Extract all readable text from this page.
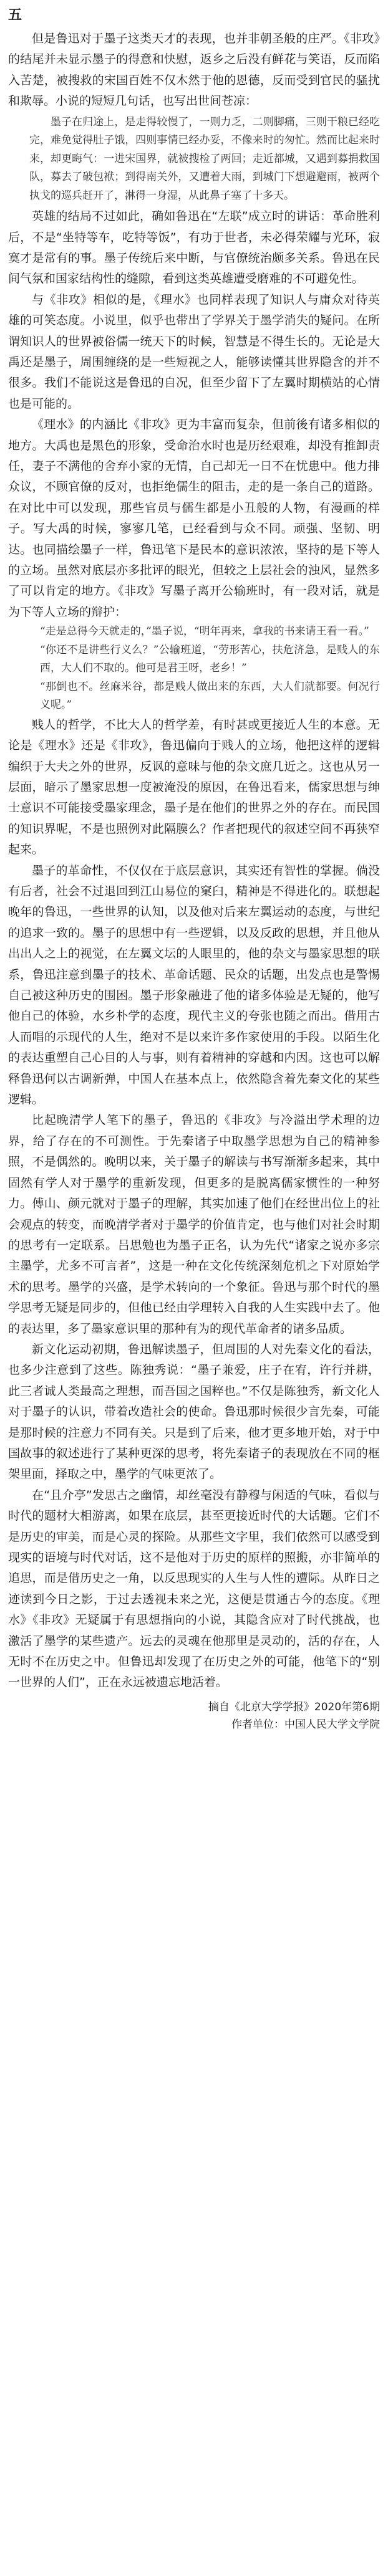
五

但是鲁迅对于墨子这类天才的表现，也并非朝圣般的庄严。《非攻》的结尾并未显示墨子的得意和快慰，返乡之后没有鲜花与笑语，反而陷入苦楚，被搜救的宋国百姓不仅木然于他的恩德，反而受到官民的骚扰和欺辱。小说的短短几句话，也写出世间苍凉：

墨子在归途上，是走得较慢了，一则力乏，二则脚痛，三则干粮已经吃完，难免觉得肚子饿，四则事情已经办妥，不像来时的匆忙。然而比起来时来，却更晦气：一进宋国界，就被搜检了两回；走近都城，又遇到募捐救国队，募去了破包袱；到得南关外，又遭着大雨，到城门下想避避雨，被两个执戈的巡兵赶开了，淋得一身湿，从此鼻子塞了十多天。

英雄的结局不过如此，确如鲁迅在“左联”成立时的讲话：革命胜利后，不是“坐特等车，吃特等饭”，有功于世者，未必得荣耀与光环，寂寞才是常有的事。墨子传统后来中断，与官僚统治颇多关系。鲁迅在民间气氛和国家结构性的缝隙，看到这类英雄遭受磨难的不可避免性。

与《非攻》相似的是，《理水》也同样表现了知识人与庸众对待英雄的可笑态度。小说里，似乎也带出了学界关于墨学消失的疑问。在所谓知识人的世界被俗儒一统天下的时候，智慧是不得生长的。无论是大禹还是墨子，周围缠绕的是一些短视之人，能够读懂其世界隐含的并不很多。我们不能说这是鲁迅的自况，但至少留下了左翼时期横站的心情也是可能的。

《理水》的内涵比《非攻》更为丰富而复杂，但前後有诸多相似的地方。大禹也是黑色的形象，受命治水时也是历经艰难，却没有推卸责任，妻子不满他的舍弃小家的无情，自己却无一日不在忧患中。他力排众议，不顾官僚的反对，也拒绝儒生的阻击，走的是一条自己的道路。在对比中可以发现，那些官员与儒生都是小丑般的人物，有漫画的样子。写大禹的时候，寥寥几笔，已经看到与众不同。顽强、坚韧、明达。也同描绘墨子一样，鲁迅笔下是民本的意识浓浓，坚持的是下等人的立场。虽然对底层亦多批评的眼光，但较之上层社会的浊风，显然多了可以肯定的地方。《非攻》写墨子离开公输班时，有一段对话，就是为下等人立场的辩护：

“走是总得今天就走的，”墨子说，“明年再来，拿我的书来请王看一看。”

“你还不是讲些行义么？”公输班道，“劳形苦心，扶危济急，是贱人的东西，大人们不取的。他可是君王呀，老乡！”

“那倒也不。丝麻米谷，都是贱人做出来的东西，大人们就都要。何况行义呢。”

贱人的哲学，不比大人的哲学差，有时甚或更接近人生的本意。无论是《理水》还是《非攻》，鲁迅偏向于贱人的立场，他把这样的逻辑编织于大夫之外的世界，反讽的意味与他的杂文庶几近之。这也从另一层面，暗示了墨家思想一度被淹没的原因，在鲁迅看来，儒家思想与绅士意识不可能接受墨家理念，墨子是在他们的世界之外的存在。而民国的知识界呢，不是也照例对此隔膜么？作者把现代的叙述空间不再狭窄起来。

墨子的革命性，不仅仅在于底层意识，其实还有智性的掌握。倘没有后者，社会不过退回到江山易位的窠臼，精神是不得进化的。联想起晚年的鲁迅，一些世界的认知，以及他对后来左翼运动的态度，与世纪的追求一致的。墨子的思想中有一些逻辑，以及反政的思想，并且他从出出人之上的视觉，在左翼文坛的人眼里的，他的杂文与墨家思想的联系，鲁迅注意到墨子的技术、革命话题、民众的话题，出发点也是警惕自己被这种历史的围困。墨子形象融进了他的诸多体验是无疑的，他写他自己的体验，水乡朴学的态度，现代主义的夸张也随之而出。借用古人而唱的示现代的人生，绝对不是以来许多作家使用的手段。以陌生化的表达重塑自己心目的人与事，则有着精神的穿越和内因。这也可以解释鲁迅何以古调新弹，中国人在基本点上，依然隐含着先秦文化的某些逻辑。

比起晚清学人笔下的墨子，鲁迅的《非攻》与冷溢出学术理的边界，给了存在的不可测性。于先秦诸子中取墨学思想为自己的精神参照，不是偶然的。晚明以来，关于墨子的解读与书写渐渐多起来，其中固然有学人对于墨学的重新发现，但更多的是脱离儒家惯性的一种努力。傅山、颜元就对于墨子的理解，其实加速了他们在经世出位上的社会观点的转变，而晚清学者对于墨学的价值肯定，也与他们对社会时期的思考有一定联系。吕思勉也为墨子正名，认为先代“诸家之说亦多宗主墨学，尤多不可言者”，这是一种在文化传统深刻危机之下对原始学术的思考。墨学的兴盛，是学术转向的一个象征。鲁迅与那个时代的墨学思考无疑是同步的，但他已经由学理转入自我的人生实践中去了。他的表达里，多了墨家意识里的那种有为的现代革命者的诸多品质。

新文化运动初期，鲁迅解读墨子，但周围的人对先秦文化的看法，也多少注意到了这些。陈独秀说：“墨子兼爱，庄子在宥，许行并耕，此三者诚人类最高之理想，而吾国之国粹也。”不仅是陈独秀，新文化人对于墨子的认识，带着改造社会的使命。鲁迅那时候很少言先秦，可能是那时候的注意力不同有关。只是到了后来，他才更多地开始，对于中国故事的叙述进行了某种更深的思考，将先秦诸子的表现放在不同的框架里面，择取之中，墨学的气味更浓了。

在“且介亭”发思古之幽情，却丝毫没有静穆与闲适的气味，看似与时代的题材大相游离，如果在底层，甚至更接近时代的大话题。它们不是历史的审美，而是心灵的探险。从那些文字里，我们依然可以感受到现实的语境与时代对话，这不是他对于历史的原样的照搬，亦非简单的追思，而是借历史之一角，以反思现实的人生与人性的遭际。从昨日之迹读到今日之影，于过去透视未来之光，这便是贯通古今的态度。《理水》《非攻》无疑属于有思想指向的小说，其隐含应对了时代挑战，也激活了墨学的某些遗产。远去的灵魂在他那里是灵动的，活的存在，人无时不在历史之中。但鲁迅却发现了在历史之外的可能，他笔下的“别一世界的人们”，正在永远被遗忘地活着。

摘自《北京大学学报》2020年第6期
作者单位：中国人民大学文学院
